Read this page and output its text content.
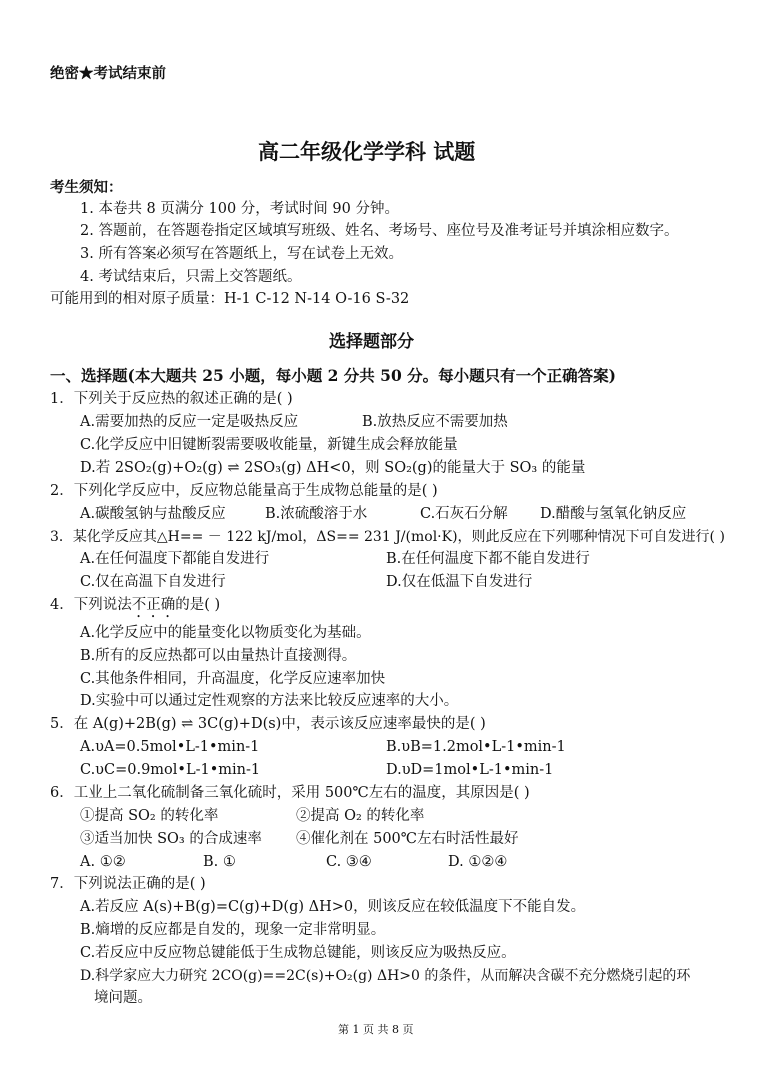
绝密★考试结束前
高二年级化学学科 试题
考生须知：
1. 本卷共 8 页满分 100 分，考试时间 90 分钟。
2. 答题前，在答题卷指定区域填写班级、姓名、考场号、座位号及准考证号并填涂相应数字。
3. 所有答案必须写在答题纸上，写在试卷上无效。
4. 考试结束后，只需上交答题纸。
可能用到的相对原子质量：H-1 C-12 N-14 O-16 S-32
选择题部分
一、选择题(本大题共 25 小题，每小题 2 分共 50 分。每小题只有一个正确答案)
1．下列关于反应热的叙述正确的是( )
A.需要加热的反应一定是吸热反应	B.放热反应不需要加热
C.化学反应中旧键断裂需要吸收能量，新键生成会释放能量
D.若 2SO₂(g)+O₂(g) ⇌ 2SO₃(g) ΔH<0，则 SO₂(g)的能量大于 SO₃ 的能量
2．下列化学反应中，反应物总能量高于生成物总能量的是( )
A.碳酸氢钠与盐酸反应	B.浓硫酸溶于水	C.石灰石分解 D.醋酸与氢氧化钠反应
3．某化学反应其△H== － 122 kJ/mol，ΔS== 231 J/(mol·K)，则此反应在下列哪种情况下可自发进行( )
A.在任何温度下都能自发进行	B.在任何温度下都不能自发进行
C.仅在高温下自发进行	D.仅在低温下自发进行
4．下列说法不正确的是( )
A.化学反应中的能量变化以物质变化为基础。
B.所有的反应热都可以由量热计直接测得。
C.其他条件相同，升高温度，化学反应速率加快
D.实验中可以通过定性观察的方法来比较反应速率的大小。
5．在 A(g)+2B(g) ⇌ 3C(g)+D(s)中，表示该反应速率最快的是( )
A.υA=0.5mol•L-1•min-1	B.υB=1.2mol•L-1•min-1
C.υC=0.9mol•L-1•min-1	D.υD=1mol•L-1•min-1
6．工业上二氧化硫制备三氧化硫时，采用 500℃左右的温度，其原因是( )
①提高 SO₂ 的转化率	②提高 O₂ 的转化率
③适当加快 SO₃ 的合成速率 ④催化剂在 500℃左右时活性最好
A. ①②	B. ①	C. ③④	D. ①②④
7．下列说法正确的是( )
A.若反应 A(s)+B(g)=C(g)+D(g) ΔH>0，则该反应在较低温度下不能自发。
B.熵增的反应都是自发的，现象一定非常明显。
C.若反应中反应物总键能低于生成物总键能，则该反应为吸热反应。
D.科学家应大力研究 2CO(g)==2C(s)+O₂(g) ΔH>0 的条件，从而解决含碳不充分燃烧引起的环
境问题。
第 1 页 共 8 页
